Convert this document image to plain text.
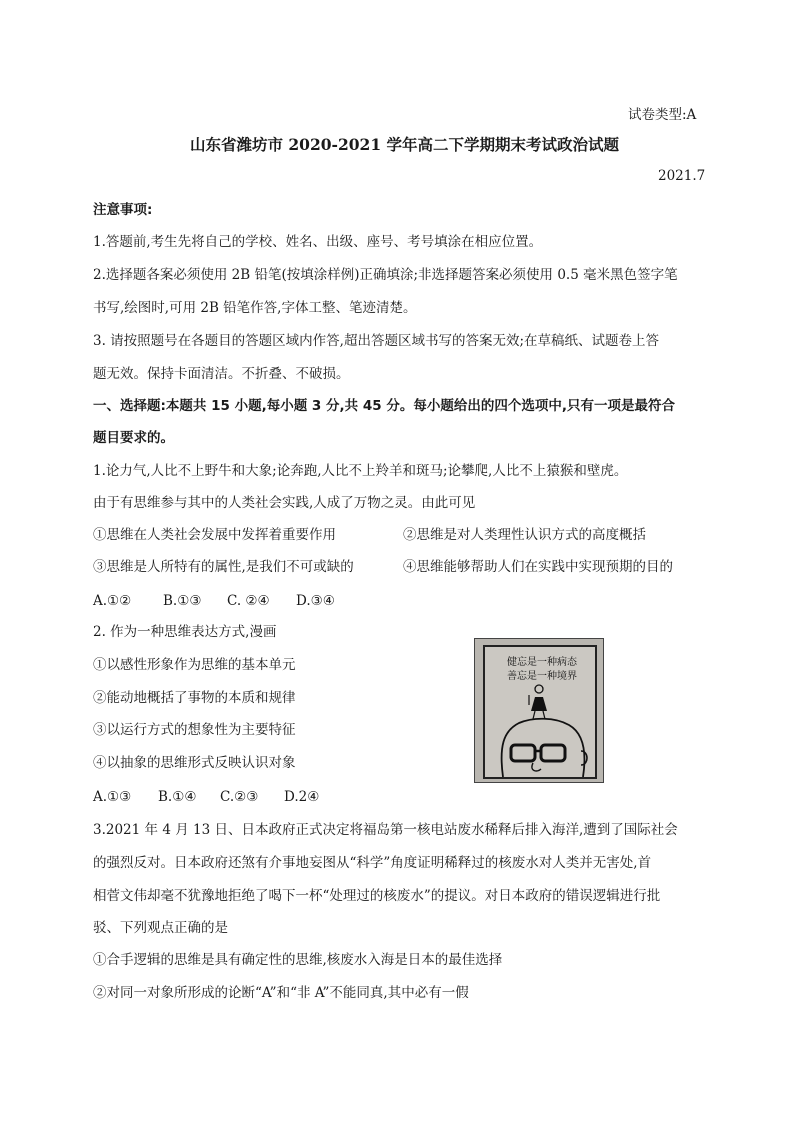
试卷类型:A
山东省潍坊市 2020-2021 学年高二下学期期末考试政治试题
2021.7
注意事项:
1.答题前,考生先将自己的学校、姓名、出级、座号、考号填涂在相应位置。
2.选择题各案必须使用 2B 铅笔(按填涂样例)正确填涂;非选择题答案必须使用 0.5 毫米黑色签字笔
书写,绘图时,可用 2B 铅笔作答,字体工整、笔迹清楚。
3. 请按照题号在各题目的答题区域内作答,超出答题区域书写的答案无效;在草稿纸、试题卷上答
题无效。保持卡面清洁。不折叠、不破损。
一、选择题:本题共 15 小题,每小题 3 分,共 45 分。每小题给出的四个选项中,只有一项是最符合
题目要求的。
1.论力气,人比不上野牛和大象;论奔跑,人比不上羚羊和斑马;论攀爬,人比不上猿猴和壁虎。
由于有思维参与其中的人类社会实践,人成了万物之灵。由此可见
①思维在人类社会发展中发挥着重要作用	②思维是对人类理性认识方式的高度概括
③思维是人所特有的属性,是我们不可或缺的	④思维能够帮助人们在实践中实现预期的目的
A.①② B.①③ C. ②④ D.③④
2. 作为一种思维表达方式,漫画
①以感性形象作为思维的基本单元
②能动地概括了事物的本质和规律
③以运行方式的想象性为主要特征
④以抽象的思维形式反映认识对象
A.①③ B.①④ C.②③ D.2④
健忘是一种病态
善忘是一种境界
3.2021 年 4 月 13 日、日本政府正式决定将福岛第一核电站废水稀释后排入海洋,遭到了国际社会
的强烈反对。日本政府还煞有介事地妄图从“科学”角度证明稀释过的核废水对人类并无害处,首
相菅文伟却毫不犹豫地拒绝了喝下一杯“处理过的核废水”的提议。对日本政府的错误逻辑进行批
驳、下列观点正确的是
①合手逻辑的思维是具有确定性的思维,核废水入海是日本的最佳选择
②对同一对象所形成的论断“A”和“非 A”不能同真,其中必有一假
